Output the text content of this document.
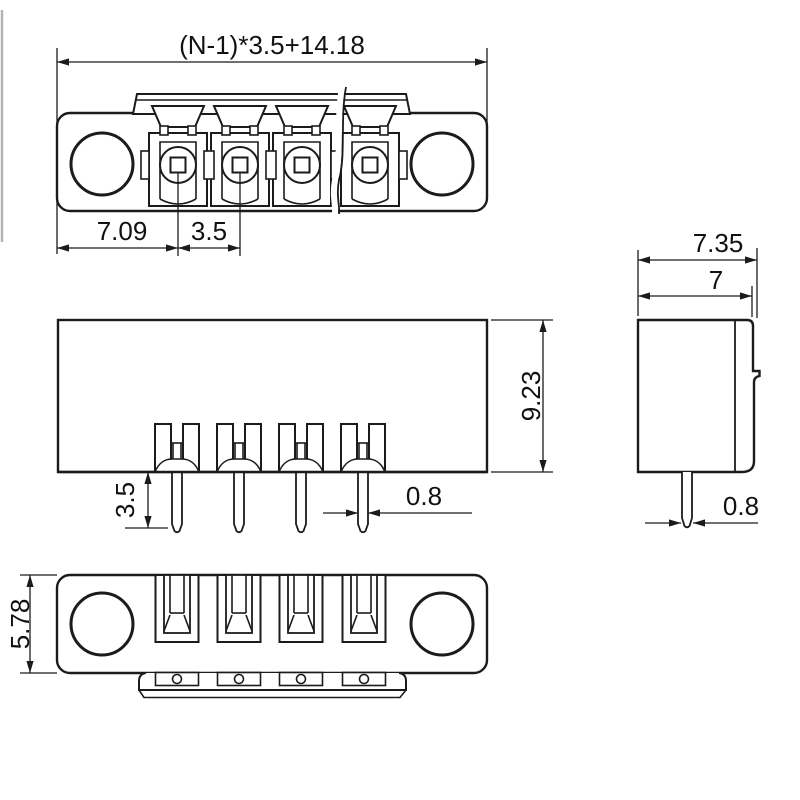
(N-1)*3.5+14.18
7.09 3.5
9.23
3.5	0.8
7.35
7
0.8
5.78
